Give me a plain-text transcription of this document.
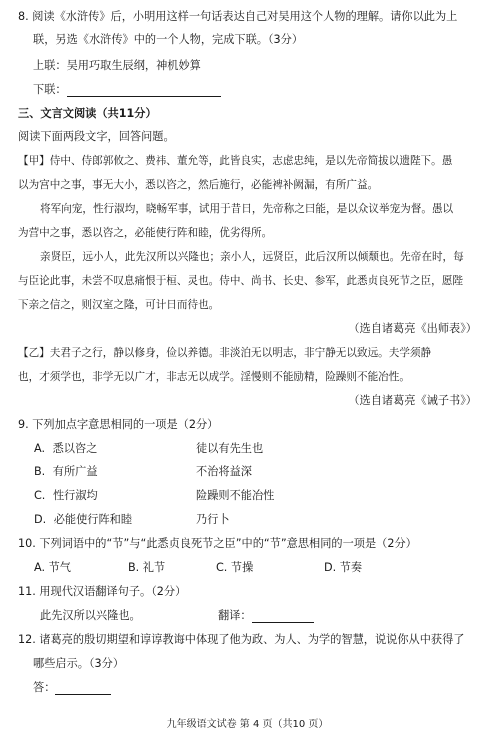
8. 阅读《水浒传》后，小明用这样一句话表达自己对吴用这个人物的理解。请你以此为上
联，另选《水浒传》中的一个人物，完成下联。（3分）
上联：吴用巧取生辰纲，神机妙算
下联：
三、文言文阅读（共11分）
阅读下面两段文字，回答问题。
【甲】侍中、侍郎郭攸之、费祎、董允等，此皆良实，志虑忠纯，是以先帝简拔以遗陛下。愚
以为宫中之事，事无大小，悉以咨之，然后施行，必能裨补阙漏，有所广益。
将军向宠，性行淑均，晓畅军事，试用于昔日，先帝称之曰能，是以众议举宠为督。愚以
为营中之事，悉以咨之，必能使行阵和睦，优劣得所。
亲贤臣，远小人，此先汉所以兴隆也；亲小人，远贤臣，此后汉所以倾颓也。先帝在时，每
与臣论此事，未尝不叹息痛恨于桓、灵也。侍中、尚书、长史、参军，此悉贞良死节之臣，愿陛
下亲之信之，则汉室之隆，可计日而待也。
（选自诸葛亮《出师表》）
【乙】夫君子之行，静以修身，俭以养德。非淡泊无以明志，非宁静无以致远。夫学须静
也，才须学也，非学无以广才，非志无以成学。淫慢则不能励精，险躁则不能冶性。
（选自诸葛亮《诫子书》）
9. 下列加点字意思相同的一项是（2分）
A. 悉以咨之	徒以有先生也
B. 有所广益	不治将益深
C. 性行淑均	险躁则不能冶性
D. 必能使行阵和睦	乃行卜
10. 下列词语中的“节”与“此悉贞良死节之臣”中的“节”意思相同的一项是（2分）
A. 节气	B. 礼节	C. 节操	D. 节奏
11. 用现代汉语翻译句子。（2分）
此先汉所以兴隆也。	翻译：
12. 诸葛亮的殷切期望和谆谆教诲中体现了他为政、为人、为学的智慧，说说你从中获得了
哪些启示。（3分）
答：
九年级语文试卷 第 4 页（共10 页）
